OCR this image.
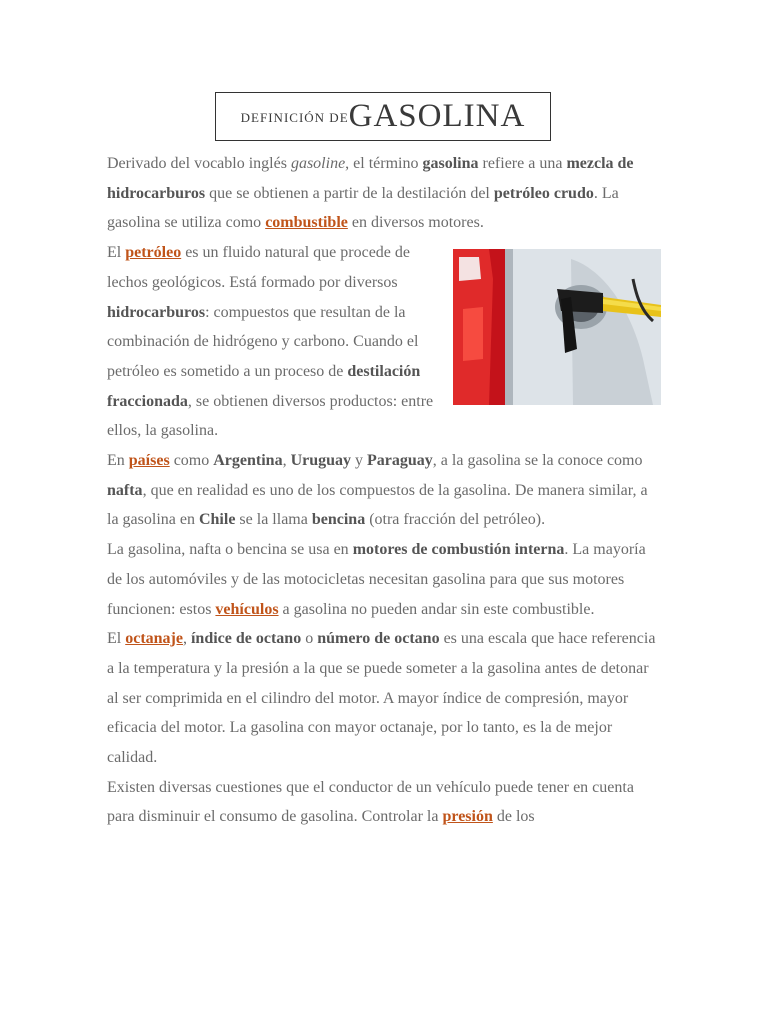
definición de GASOLINA

Derivado del vocablo inglés gasoline, el término gasolina refiere a una mezcla de hidrocarburos que se obtienen a partir de la destilación del petróleo crudo. La gasolina se utiliza como combustible en diversos motores.

El petróleo es un fluido natural que procede de lechos geológicos. Está formado por diversos hidrocarburos: compuestos que resultan de la combinación de hidrógeno y carbono. Cuando el petróleo es sometido a un proceso de destilación fraccionada, se obtienen diversos productos: entre ellos, la gasolina.

En países como Argentina, Uruguay y Paraguay, a la gasolina se la conoce como nafta, que en realidad es uno de los compuestos de la gasolina. De manera similar, a la gasolina en Chile se la llama bencina (otra fracción del petróleo).

La gasolina, nafta o bencina se usa en motores de combustión interna. La mayoría de los automóviles y de las motocicletas necesitan gasolina para que sus motores funcionen: estos vehículos a gasolina no pueden andar sin este combustible.

El octanaje, índice de octano o número de octano es una escala que hace referencia a la temperatura y la presión a la que se puede someter a la gasolina antes de detonar al ser comprimida en el cilindro del motor. A mayor índice de compresión, mayor eficacia del motor. La gasolina con mayor octanaje, por lo tanto, es la de mejor calidad.

Existen diversas cuestiones que el conductor de un vehículo puede tener en cuenta para disminuir el consumo de gasolina. Controlar la presión de los
